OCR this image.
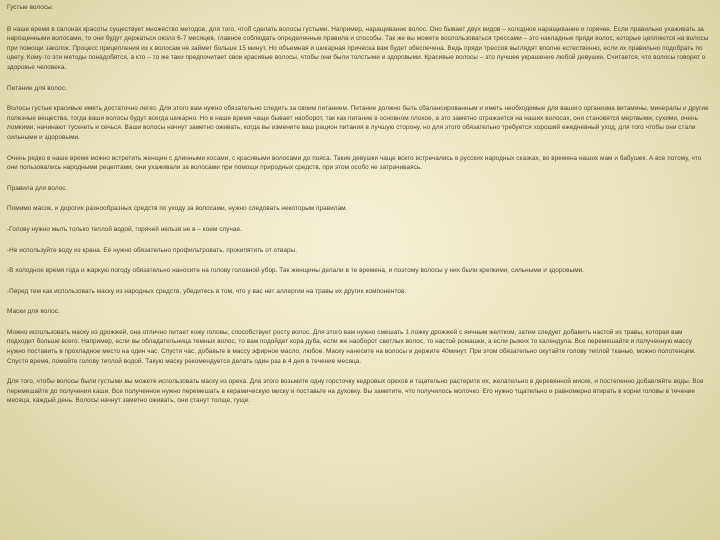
Густые волосы.

В наше время в салонах красоты существует множество методов, для того, чтоб сделать волосы густыми. Например, наращивание волос. Оно бывает двух видов – холодное наращивание и горячее. Если правильно ухаживать за нарощенными волосами, то они будут держаться около 6-7 месяцев, главное соблюдать определенные правила и способы. Так же вы можете воспользоваться трессами – это накладные пряди волос, которые цепляются на волосы при помощи заколок. Процесс прицепления их к волосам не займет больше 15 минут. Но объемная и шикарная прическа вам будет обеспечена. Ведь пряди трессов выглядят вполне естественно, если их правильно подобрать по цвету. Кому-то эти методы понадобятся, а кто – то же таки предпочитает свои красивые волосы, чтобы они были толстыми и здоровыми. Красивые волосы – это лучшее украшение любой девушки. Считается, что волосы говорят о здоровье человека.

Питание для волос.

Волосы густые красивые иметь достаточно легко. Для этого вам нужно обязательно следить за своим питанием. Питание должно быть сбалансированным и иметь необходимые для вашего организма витамины, минералы и другие полезные вещества, тогда ваши волосы будут всегда шикарно. Но в наше время чаще бывает наоборот, так как питание в основном плохое, а это заметно отражается на наших волосах, они становятся мертвыми, сухими, очень ломкими, начинают тускнеть и сечься. Ваши волосы начнут заметно оживать, когда вы измените ваш рацион питания в лучшую сторону, но для этого обязательно требуется хороший ежедневный уход, для того чтобы они стали сильными и здоровыми.

Очень редко в наше время можно встретить женщин с длинными косами, с красивыми волосами до пояса. Такие девушки чаще всего встречались в русских народных сказках, во времена наших мам и бабушек. А все потому, что они пользовались народными рецептами, они ухаживали за волосами при помощи природных средств, при этом особо не затрачиваясь.

Правила для волос.

Помимо масок, и дорогих разнообразных средств по уходу за волосами, нужно следовать некоторым правилам.

-Голову нужно мыть только теплой водой, горячей нельзя не в – коем случае.

-Не используйте воду из крана. Её нужно обязательно профильтровать, прокипятить от отвары.

-В холодное время года и жаркую погоду обязательно наносите на голову головной убор. Так женщины делали в те времена, и поэтому волосы у них были крепкими, сильными и здоровыми.

-Перед тем как использовать маску из народных средств, убедитесь в том, что у вас нет аллергии на травы их других компонентов.

Маски для волос.

Можно использовать маску из дрожжей, она отлично питает кожу головы, способствует росту волос. Для этого вам нужно смешать 1 ложку дрожжей с яичным желтком, затем следует добавить настой из травы, которая вам подходит больше всего. Например, если вы обладательница темных волос, то вам подойдет кора дуба, если же наоборот светлых волос, то настой ромашки, а если рыжих то календула. Все перемешайте и полученную массу нужно поставить в прохладное место на один час. Спустя час, добавьте в массу эфирное масло, любое. Маску нанесите на волосы и держите 40минут. При этом обязательно окутайте голову теплой тканью, можно полотенцем. Спустя время, помойте голову теплой водой. Такую маску рекомендуется делать один раз в 4 дня в течение месяца.

Для того, чтобы волосы были густыми вы можете использовать маску из ореха. Для этого возьмите одну горсточку кедровых орехов и тщательно растерите их, желательно в деревянной миске, и постепенно добавляйте воды. Все перемешайте до получения каши. Все полученное нужно перемешать в керамическую миску и поставьте на духовку. Вы заметите, что получилось молочко. Его нужно тщательно и равномерно втирать в корни головы в течение месяца, каждый день. Волосы начнут заметно оживать, они станут толще, гуще.
